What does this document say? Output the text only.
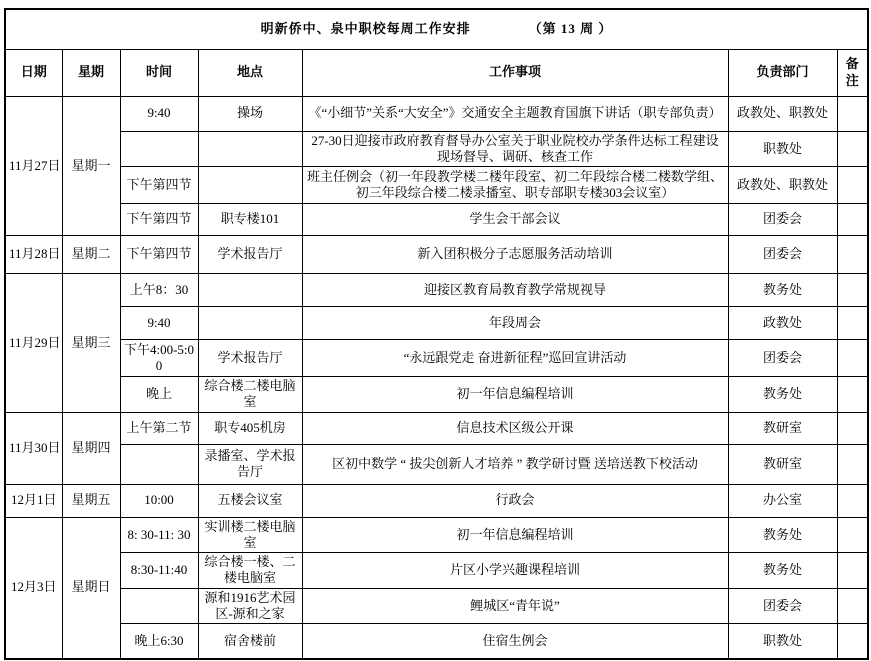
明新侨中、泉中职校每周工作安排 （第 13 周 ）						
日期	星期	时间	地点	工作事项	负责部门	备注
11月27日	星期一	9:40	操场	《“小细节”关系“大安全”》交通安全主题教育国旗下讲话（职专部负责）	政教处、职教处	
				27-30日迎接市政府教育督导办公室关于职业院校办学条件达标工程建设现场督导、调研、核查工作	职教处	
		下午第四节		班主任例会（初一年段教学楼二楼年段室、初二年段综合楼二楼数学组、初三年段综合楼二楼录播室、职专部职专楼303会议室）	政教处、职教处	
		下午第四节	职专楼101	学生会干部会议	团委会	
11月28日	星期二	下午第四节	学术报告厅	新入团积极分子志愿服务活动培训	团委会	
11月29日	星期三	上午8：30		迎接区教育局教育教学常规视导	教务处	
		9:40		年段周会	政教处	
		下午4:00-5:00	学术报告厅	“永远跟党走 奋进新征程”巡回宣讲活动	团委会	
		晚上	综合楼二楼电脑室	初一年信息编程培训	教务处	
11月30日	星期四	上午第二节	职专405机房	信息技术区级公开课	教研室	
			录播室、学术报告厅	区初中数学 “ 拔尖创新人才培养 ” 教学研讨暨 送培送教下校活动	教研室	
12月1日	星期五	10:00	五楼会议室	行政会	办公室	
12月3日	星期日	8: 30-11: 30	实训楼二楼电脑室	初一年信息编程培训	教务处	
		8:30-11:40	综合楼一楼、二楼电脑室	片区小学兴趣课程培训	教务处	
			源和1916艺术园区-源和之家	鲤城区“青年说”	团委会	
		晚上6:30	宿舍楼前	住宿生例会	职教处	
